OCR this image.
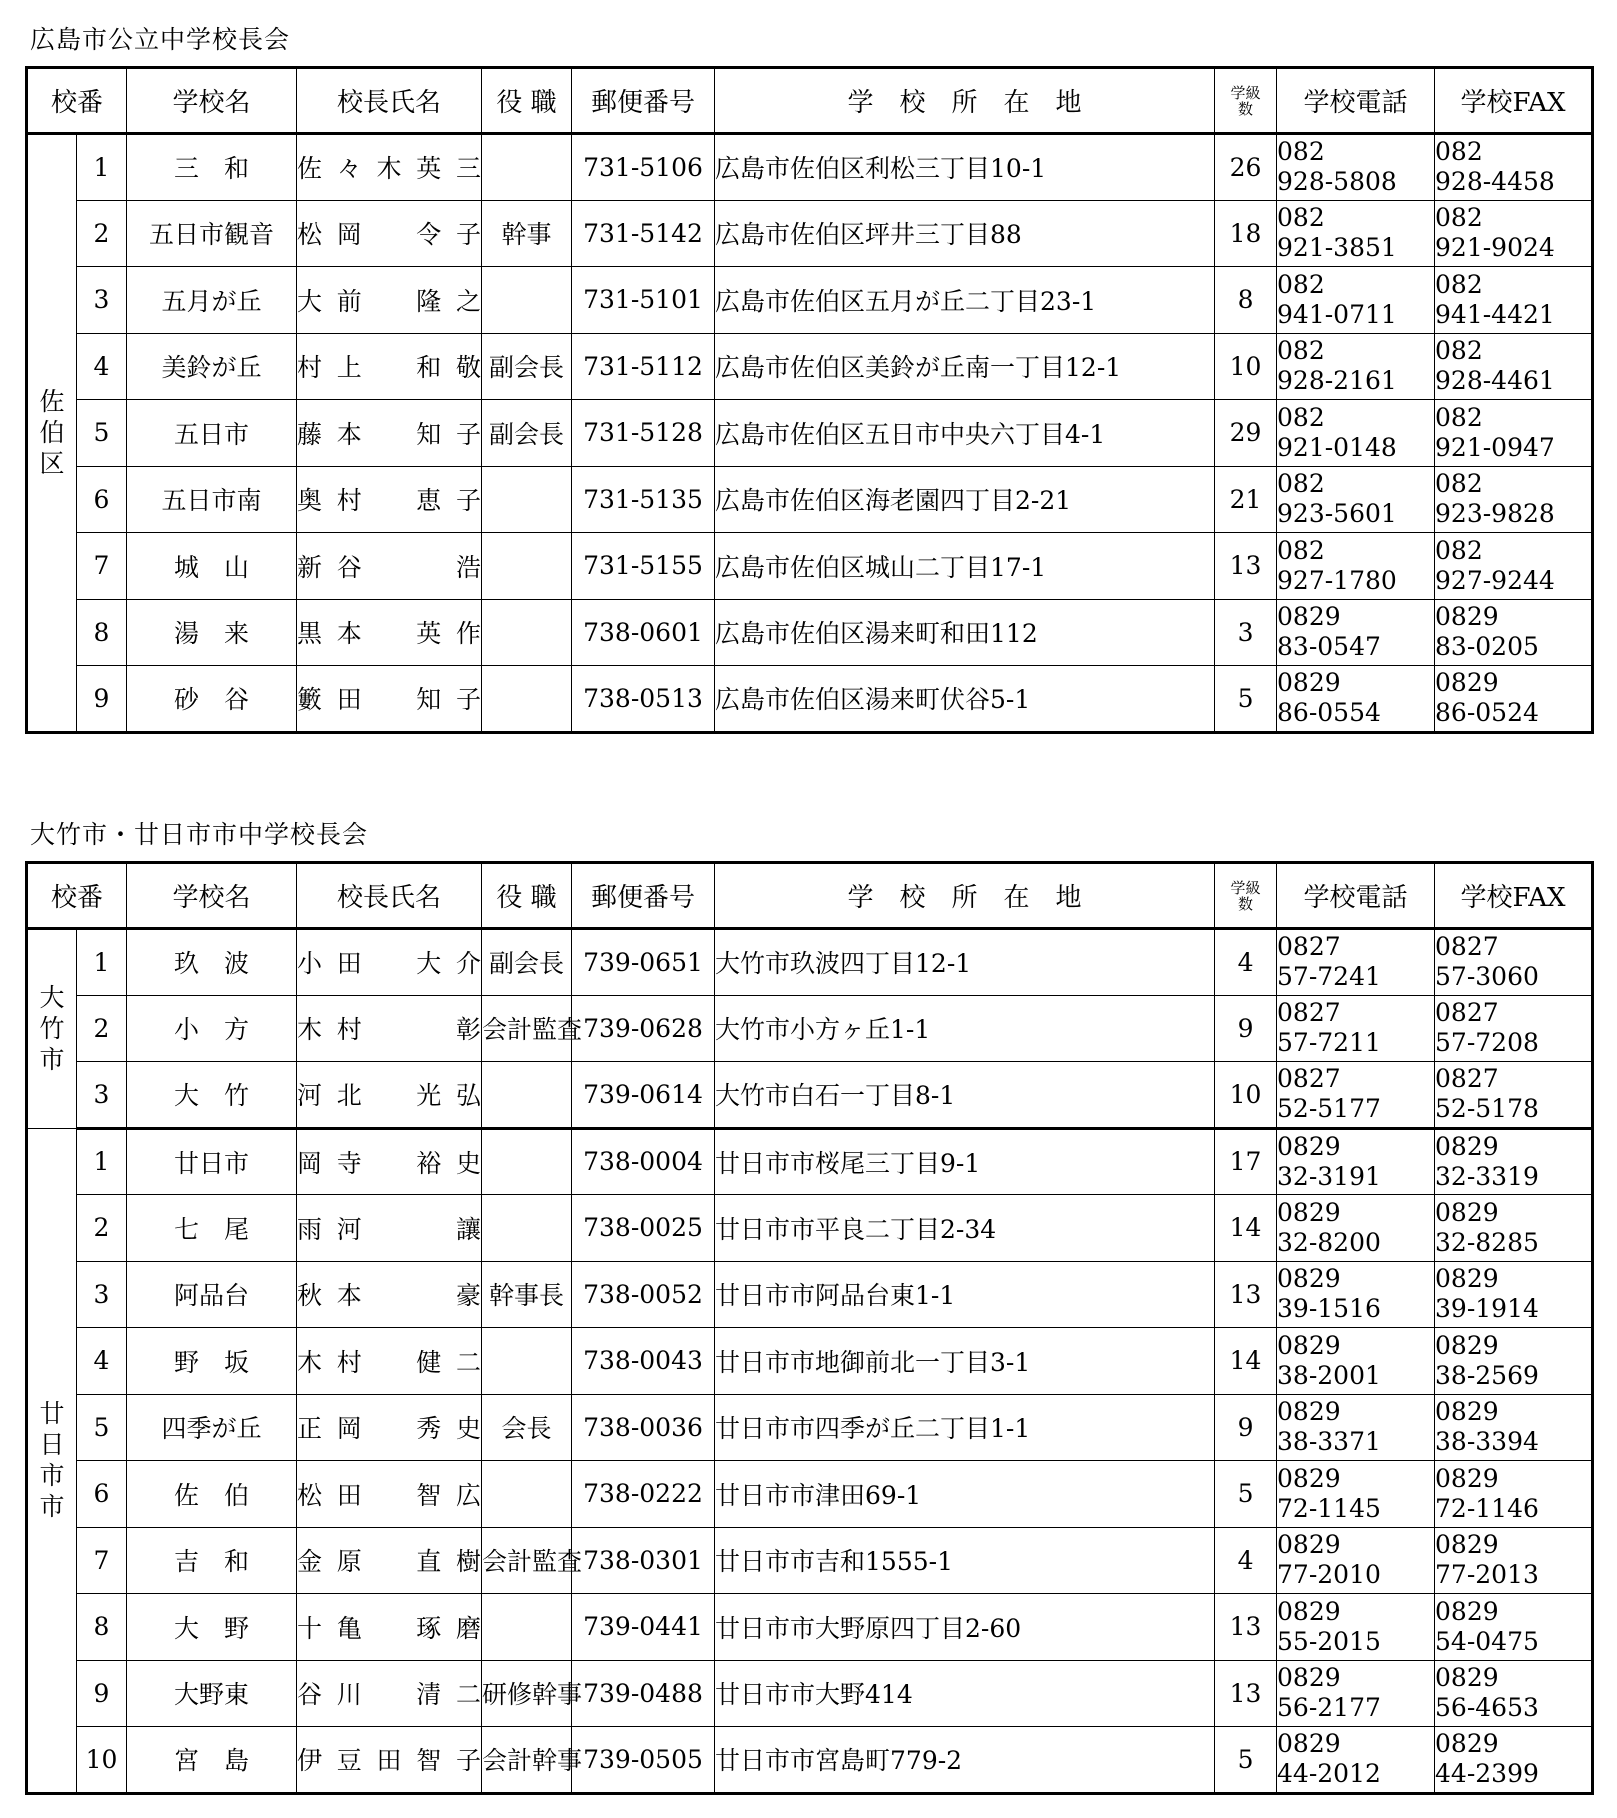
広島市公立中学校長会
校番		学校名	校長氏名	役 職	郵便番号	学　校　所　在　地	学級
数	学校電話	学校FAX

佐
伯
区	1	三　和	佐々木英三		731-5106	広島市佐伯区利松三丁目10-1	26	082
928-5808	082
928-4458

	2	五日市観音	松岡　令子	幹事	731-5142	広島市佐伯区坪井三丁目88	18	082
921-3851	082
921-9024

	3	五月が丘	大前　隆之		731-5101	広島市佐伯区五月が丘二丁目23-1	8	082
941-0711	082
941-4421

	4	美鈴が丘	村上　和敬	副会長	731-5112	広島市佐伯区美鈴が丘南一丁目12-1	10	082
928-2161	082
928-4461

	5	五日市	藤本　知子	副会長	731-5128	広島市佐伯区五日市中央六丁目4-1	29	082
921-0148	082
921-0947

	6	五日市南	奥村　恵子		731-5135	広島市佐伯区海老園四丁目2-21	21	082
923-5601	082
923-9828

	7	城　山	新谷　　浩		731-5155	広島市佐伯区城山二丁目17-1	13	082
927-1780	082
927-9244

	8	湯　来	黒本　英作		738-0601	広島市佐伯区湯来町和田112	3	0829
83-0547	0829
83-0205

	9	砂　谷	籔田　知子		738-0513	広島市佐伯区湯来町伏谷5-1	5	0829
86-0554	0829
86-0524
大竹市・廿日市市中学校長会
校番		学校名	校長氏名	役 職	郵便番号	学　校　所　在　地	学級
数	学校電話	学校FAX

大
竹
市	1	玖　波	小田　大介	副会長	739-0651	大竹市玖波四丁目12-1	4	0827
57-7241	0827
57-3060

	2	小　方	木村　　彰	会計監査	739-0628	大竹市小方ヶ丘1-1	9	0827
57-7211	0827
57-7208

	3	大　竹	河北　光弘		739-0614	大竹市白石一丁目8-1	10	0827
52-5177	0827
52-5178

廿
日
市
市	1	廿日市	岡寺　裕史		738-0004	廿日市市桜尾三丁目9-1	17	0829
32-3191	0829
32-3319

	2	七　尾	雨河　　讓		738-0025	廿日市市平良二丁目2-34	14	0829
32-8200	0829
32-8285

	3	阿品台	秋本　　豪	幹事長	738-0052	廿日市市阿品台東1-1	13	0829
39-1516	0829
39-1914

	4	野　坂	木村　健二		738-0043	廿日市市地御前北一丁目3-1	14	0829
38-2001	0829
38-2569

	5	四季が丘	正岡　秀史	会長	738-0036	廿日市市四季が丘二丁目1-1	9	0829
38-3371	0829
38-3394

	6	佐　伯	松田　智広		738-0222	廿日市市津田69-1	5	0829
72-1145	0829
72-1146

	7	吉　和	金原　直樹	会計監査	738-0301	廿日市市吉和1555-1	4	0829
77-2010	0829
77-2013

	8	大　野	十亀　琢磨		739-0441	廿日市市大野原四丁目2-60	13	0829
55-2015	0829
54-0475

	9	大野東	谷川　清二	研修幹事	739-0488	廿日市市大野414	13	0829
56-2177	0829
56-4653

	10	宮　島	伊豆田智子	会計幹事	739-0505	廿日市市宮島町779-2	5	0829
44-2012	0829
44-2399
